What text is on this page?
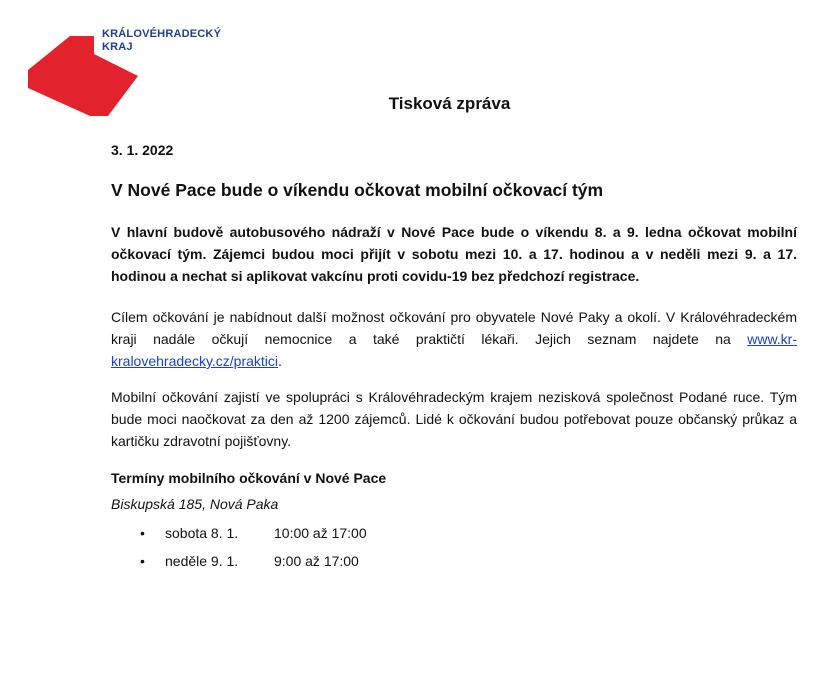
KRÁLOVÉHRADECKÝ
KRAJ
Tisková zpráva
3. 1. 2022
V Nové Pace bude o víkendu očkovat mobilní očkovací tým
V hlavní budově autobusového nádraží v Nové Pace bude o víkendu 8. a 9. ledna očkovat mobilní očkovací tým. Zájemci budou moci přijít v sobotu mezi 10. a 17. hodinou a v neděli mezi 9. a 17. hodinou a nechat si aplikovat vakcínu proti covidu-19 bez předchozí registrace.
Cílem očkování je nabídnout další možnost očkování pro obyvatele Nové Paky a okolí. V Královéhradeckém kraji nadále očkují nemocnice a také praktičtí lékaři. Jejich seznam najdete na www.kr-kralovehradecky.cz/praktici.
Mobilní očkování zajistí ve spolupráci s Královéhradeckým krajem nezisková společnost Podané ruce. Tým bude moci naočkovat za den až 1200 zájemců. Lidé k očkování budou potřebovat pouze občanský průkaz a kartičku zdravotní pojišťovny.
Termíny mobilního očkování v Nové Pace
Biskupská 185, Nová Paka
• sobota 8. 1.	10:00 až 17:00
• neděle 9. 1.	9:00 až 17:00
